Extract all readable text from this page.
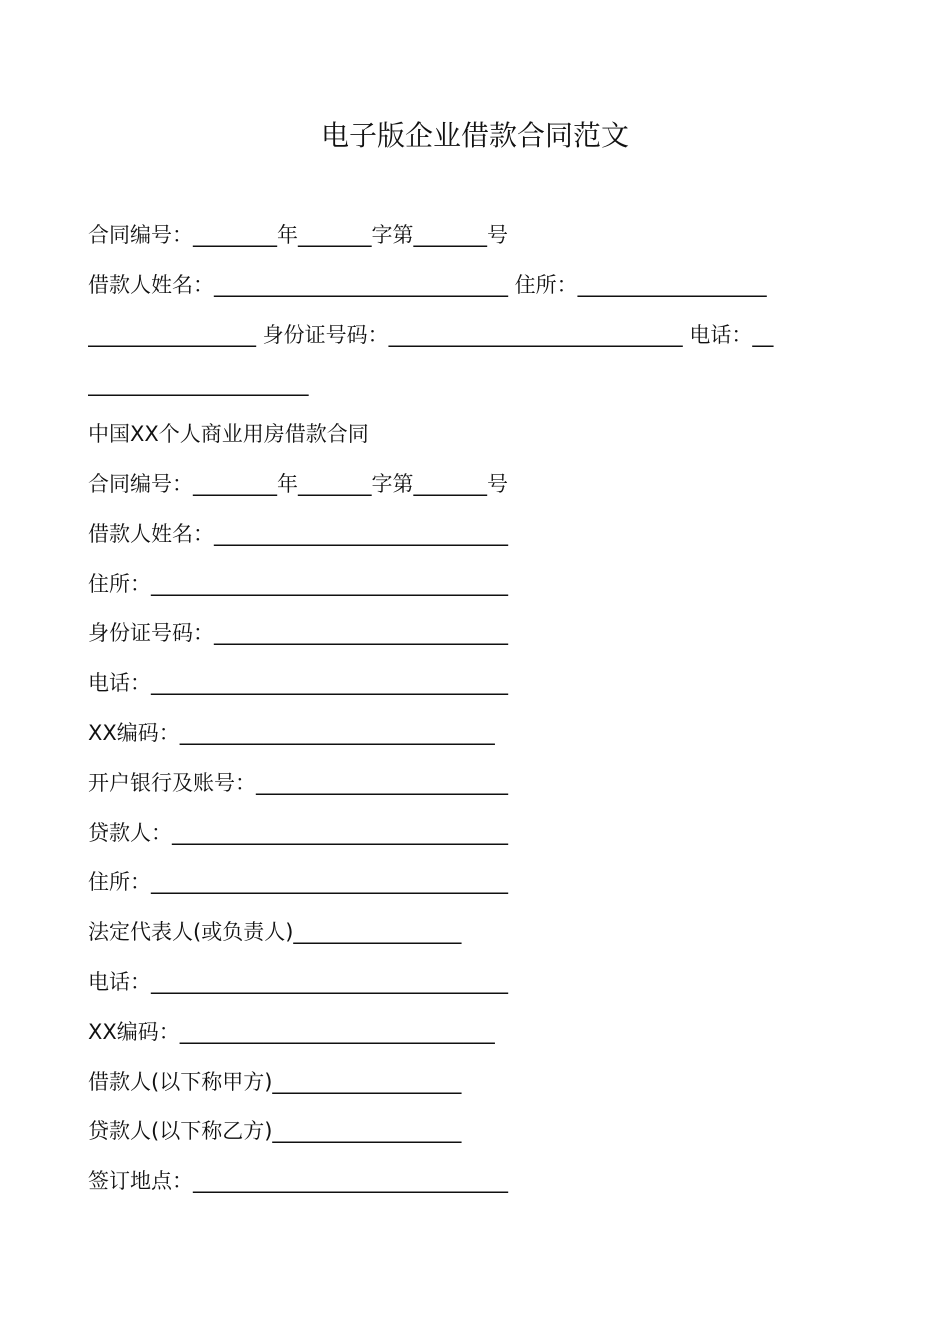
电子版企业借款合同范文
合同编号：________年_______字第_______号
借款人姓名：____________________________ 住所：__________________
________________ 身份证号码：____________________________ 电话：__
_____________________
中国XX个人商业用房借款合同
合同编号：________年_______字第_______号
借款人姓名：____________________________
住所：__________________________________
身份证号码：____________________________
电话：__________________________________
XX编码：______________________________
开户银行及账号：________________________
贷款人：________________________________
住所：__________________________________
法定代表人(或负责人)________________
电话：__________________________________
XX编码：______________________________
借款人(以下称甲方)__________________
贷款人(以下称乙方)__________________
签订地点：______________________________
